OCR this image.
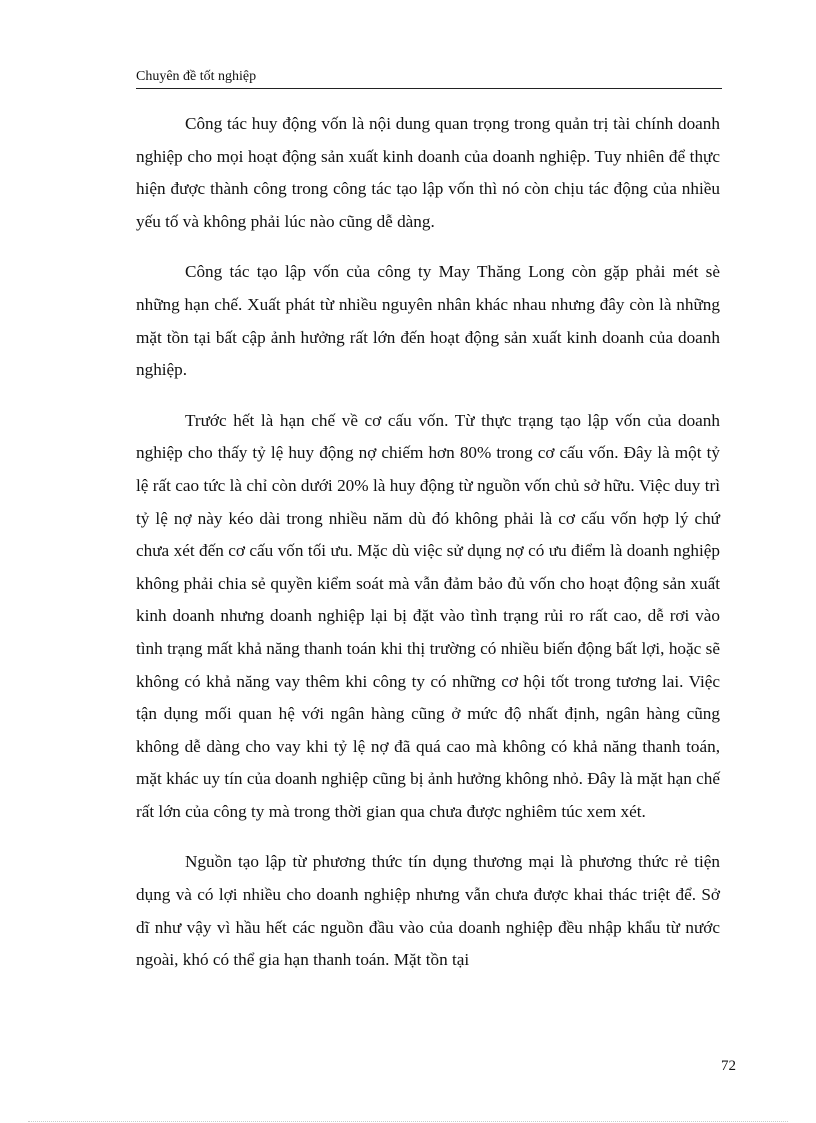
Chuyên đề tốt nghiệp

Công tác huy động vốn là nội dung quan trọng trong quản trị tài chính doanh nghiệp cho mọi hoạt động sản xuất kinh doanh của doanh nghiệp. Tuy nhiên để thực hiện được thành công trong công tác tạo lập vốn thì nó còn chịu tác động của nhiều yếu tố và không phải lúc nào cũng dễ dàng.

Công tác tạo lập vốn của công ty May Thăng Long còn gặp phải mét sè những hạn chế. Xuất phát từ nhiều nguyên nhân khác nhau nhưng đây còn là những mặt tồn tại bất cập ảnh hưởng rất lớn đến hoạt động sản xuất kinh doanh của doanh nghiệp.

Trước hết là hạn chế về cơ cấu vốn. Từ thực trạng tạo lập vốn của doanh nghiệp cho thấy tỷ lệ huy động nợ chiếm hơn 80% trong cơ cấu vốn. Đây là một tỷ lệ rất cao tức là chỉ còn dưới 20% là huy động từ nguồn vốn chủ sở hữu. Việc duy trì tỷ lệ nợ này kéo dài trong nhiều năm dù đó không phải là cơ cấu vốn hợp lý chứ chưa xét đến cơ cấu vốn tối ưu. Mặc dù việc sử dụng nợ có ưu điểm là doanh nghiệp không phải chia sẻ quyền kiểm soát mà vẫn đảm bảo đủ vốn cho hoạt động sản xuất kinh doanh nhưng doanh nghiệp lại bị đặt vào tình trạng rủi ro rất cao, dễ rơi vào tình trạng mất khả năng thanh toán khi thị trường có nhiều biến động bất lợi, hoặc sẽ không có khả năng vay thêm khi công ty có những cơ hội tốt trong tương lai. Việc tận dụng mối quan hệ với ngân hàng cũng ở mức độ nhất định, ngân hàng cũng không dễ dàng cho vay khi tỷ lệ nợ đã quá cao mà không có khả năng thanh toán, mặt khác uy tín của doanh nghiệp cũng bị ảnh hưởng không nhỏ. Đây là mặt hạn chế rất lớn của công ty mà trong thời gian qua chưa được nghiêm túc xem xét.

Nguồn tạo lập từ phương thức tín dụng thương mại là phương thức rẻ tiện dụng và có lợi nhiều cho doanh nghiệp nhưng vẫn chưa được khai thác triệt để. Sở dĩ như vậy vì hầu hết các nguồn đầu vào của doanh nghiệp đều nhập khẩu từ nước ngoài, khó có thể gia hạn thanh toán. Mặt tồn tại

72
